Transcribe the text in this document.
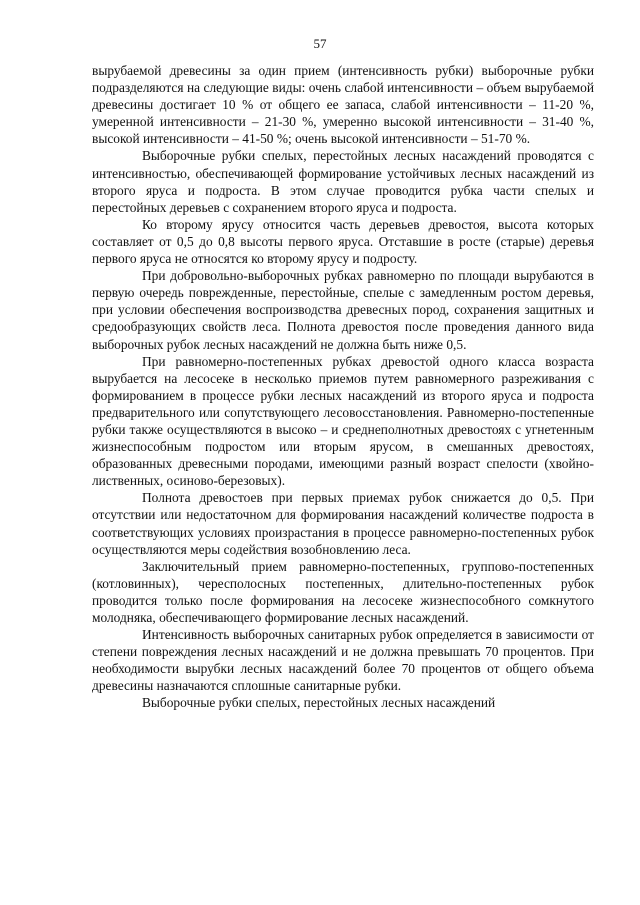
57

вырубаемой древесины за один прием (интенсивность рубки) выборочные рубки подразделяются на следующие виды: очень слабой интенсивности – объем вырубаемой древесины достигает 10 % от общего ее запаса, слабой интенсивности – 11-20 %, умеренной интенсивности – 21-30 %, умеренно высокой интенсивности – 31-40 %, высокой интенсивности – 41-50 %; очень высокой интенсивности – 51-70 %.

Выборочные рубки спелых, перестойных лесных насаждений проводятся с интенсивностью, обеспечивающей формирование устойчивых лесных насаждений из второго яруса и подроста. В этом случае проводится рубка части спелых и перестойных деревьев с сохранением второго яруса и подроста.

Ко второму ярусу относится часть деревьев древостоя, высота которых составляет от 0,5 до 0,8 высоты первого яруса. Отставшие в росте (старые) деревья первого яруса не относятся ко второму ярусу и подросту.

При добровольно-выборочных рубках равномерно по площади вырубаются в первую очередь поврежденные, перестойные, спелые с замедленным ростом деревья, при условии обеспечения воспроизводства древесных пород, сохранения защитных и средообразующих свойств леса. Полнота древостоя после проведения данного вида выборочных рубок лесных насаждений не должна быть ниже 0,5.

При равномерно-постепенных рубках древостой одного класса возраста вырубается на лесосеке в несколько приемов путем равномерного разреживания с формированием в процессе рубки лесных насаждений из второго яруса и подроста предварительного или сопутствующего лесовосстановления. Равномерно-постепенные рубки также осуществляются в высоко – и среднеполнотных древостоях с угнетенным жизнеспособным подростом или вторым ярусом, в смешанных древостоях, образованных древесными породами, имеющими разный возраст спелости (хвойно-лиственных, осиново-березовых).

Полнота древостоев при первых приемах рубок снижается до 0,5. При отсутствии или недостаточном для формирования насаждений количестве подроста в соответствующих условиях произрастания в процессе равномерно-постепенных рубок осуществляются меры содействия возобновлению леса.

Заключительный прием равномерно-постепенных, группово-постепенных (котловинных), чересполосных постепенных, длительно-постепенных рубок проводится только после формирования на лесосеке жизнеспособного сомкнутого молодняка, обеспечивающего формирование лесных насаждений.

Интенсивность выборочных санитарных рубок определяется в зависимости от степени повреждения лесных насаждений и не должна превышать 70 процентов. При необходимости вырубки лесных насаждений более 70 процентов от общего объема древесины назначаются сплошные санитарные рубки.

Выборочные рубки спелых, перестойных лесных насаждений
